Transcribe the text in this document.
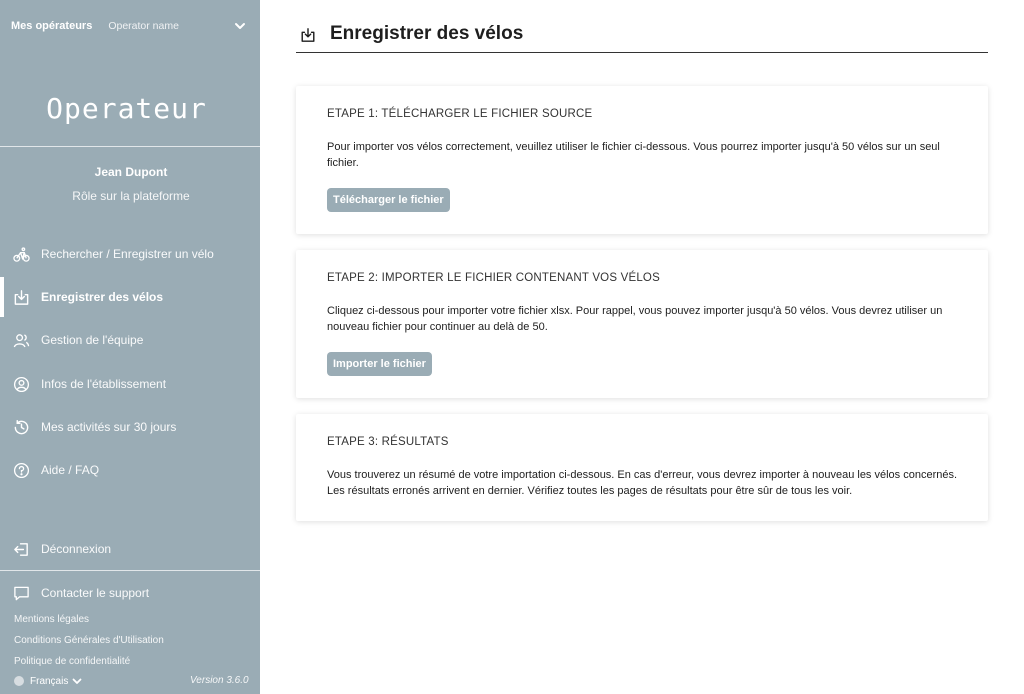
Mes opérateurs Operator name
Operateur
Jean Dupont
Rôle sur la plateforme
Rechercher / Enregistrer un vélo
Enregistrer des vélos
Gestion de l'équipe
Infos de l'établissement
Mes activités sur 30 jours
Aide / FAQ
Déconnexion
Contacter le support
Mentions légales
Conditions Générales d'Utilisation
Politique de confidentialité
Français	Version 3.6.0
Enregistrer des vélos
ETAPE 1: TÉLÉCHARGER LE FICHIER SOURCE

Pour importer vos vélos correctement, veuillez utiliser le fichier ci-dessous. Vous pourrez importer jusqu'à 50 vélos sur un seul fichier.

Télécharger le fichier
ETAPE 2: IMPORTER LE FICHIER CONTENANT VOS VÉLOS

Cliquez ci-dessous pour importer votre fichier xlsx. Pour rappel, vous pouvez importer jusqu'à 50 vélos. Vous devrez utiliser un nouveau fichier pour continuer au delà de 50.

Importer le fichier
ETAPE 3: RÉSULTATS

Vous trouverez un résumé de votre importation ci-dessous. En cas d'erreur, vous devrez importer à nouveau les vélos concernés. Les résultats erronés arrivent en dernier. Vérifiez toutes les pages de résultats pour être sûr de tous les voir.
